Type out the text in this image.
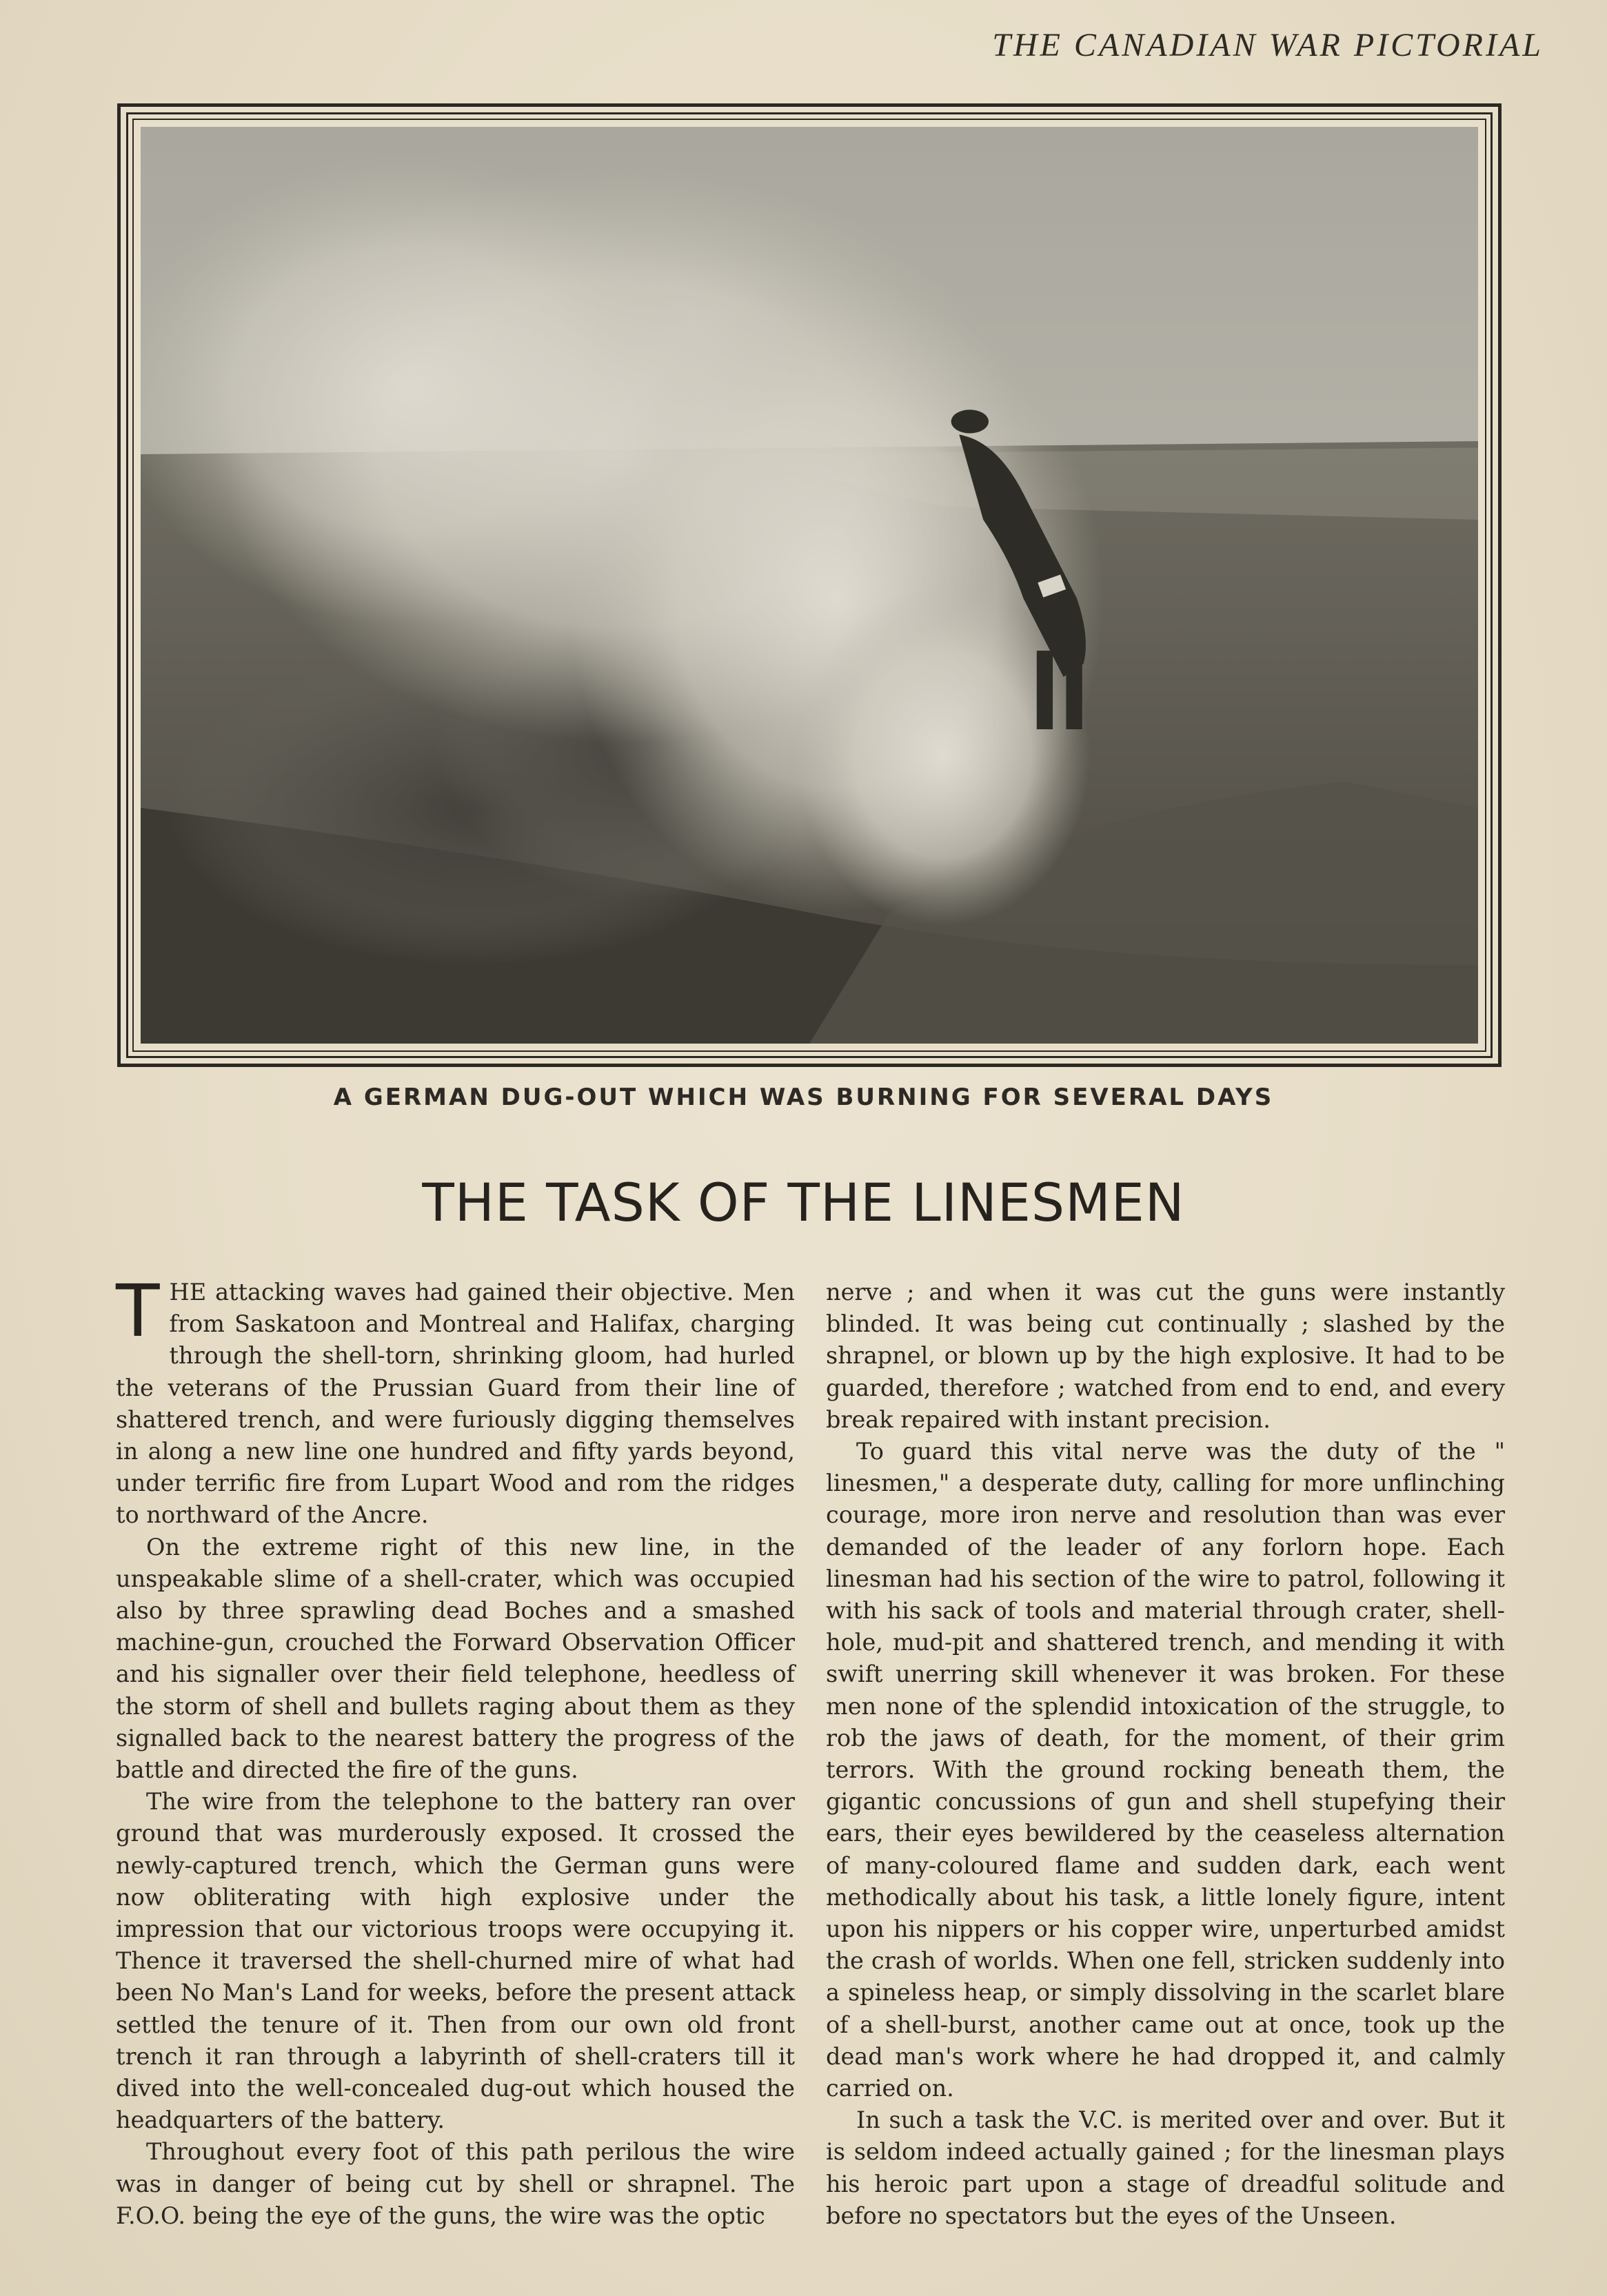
THE CANADIAN WAR PICTORIAL
A GERMAN DUG-OUT WHICH WAS BURNING FOR SEVERAL DAYS
THE TASK OF THE LINESMEN

THE attacking waves had gained their objective. Men from Saskatoon and Montreal and Halifax, charging through the shell-torn, shrinking gloom, had hurled the veterans of the Prussian Guard from their line of shattered trench, and were furiously digging themselves in along a new line one hundred and fifty yards beyond, under terrific fire from Lupart Wood and rom the ridges to northward of the Ancre.

On the extreme right of this new line, in the unspeakable slime of a shell-crater, which was occupied also by three sprawling dead Boches and a smashed machine-gun, crouched the Forward Observation Officer and his signaller over their field telephone, heedless of the storm of shell and bullets raging about them as they signalled back to the nearest battery the progress of the battle and directed the fire of the guns.

The wire from the telephone to the battery ran over ground that was murderously exposed. It crossed the newly-captured trench, which the German guns were now obliterating with high explosive under the impression that our victorious troops were occupying it. Thence it traversed the shell-churned mire of what had been No Man's Land for weeks, before the present attack settled the tenure of it. Then from our own old front trench it ran through a labyrinth of shell-craters till it dived into the well-concealed dug-out which housed the headquarters of the battery.

Throughout every foot of this path perilous the wire was in danger of being cut by shell or shrapnel. The F.O.O. being the eye of the guns, the wire was the optic

nerve ; and when it was cut the guns were instantly blinded. It was being cut continually ; slashed by the shrapnel, or blown up by the high explosive. It had to be guarded, therefore ; watched from end to end, and every break repaired with instant precision.

To guard this vital nerve was the duty of the " linesmen," a desperate duty, calling for more unflinching courage, more iron nerve and resolution than was ever demanded of the leader of any forlorn hope. Each linesman had his section of the wire to patrol, following it with his sack of tools and material through crater, shell-hole, mud-pit and shattered trench, and mending it with swift unerring skill whenever it was broken. For these men none of the splendid intoxication of the struggle, to rob the jaws of death, for the moment, of their grim terrors. With the ground rocking beneath them, the gigantic concussions of gun and shell stupefying their ears, their eyes bewildered by the ceaseless alternation of many-coloured flame and sudden dark, each went methodically about his task, a little lonely figure, intent upon his nippers or his copper wire, unperturbed amidst the crash of worlds. When one fell, stricken suddenly into a spineless heap, or simply dissolving in the scarlet blare of a shell-burst, another came out at once, took up the dead man's work where he had dropped it, and calmly carried on.

In such a task the V.C. is merited over and over. But it is seldom indeed actually gained ; for the linesman plays his heroic part upon a stage of dreadful solitude and before no spectators but the eyes of the Unseen.
